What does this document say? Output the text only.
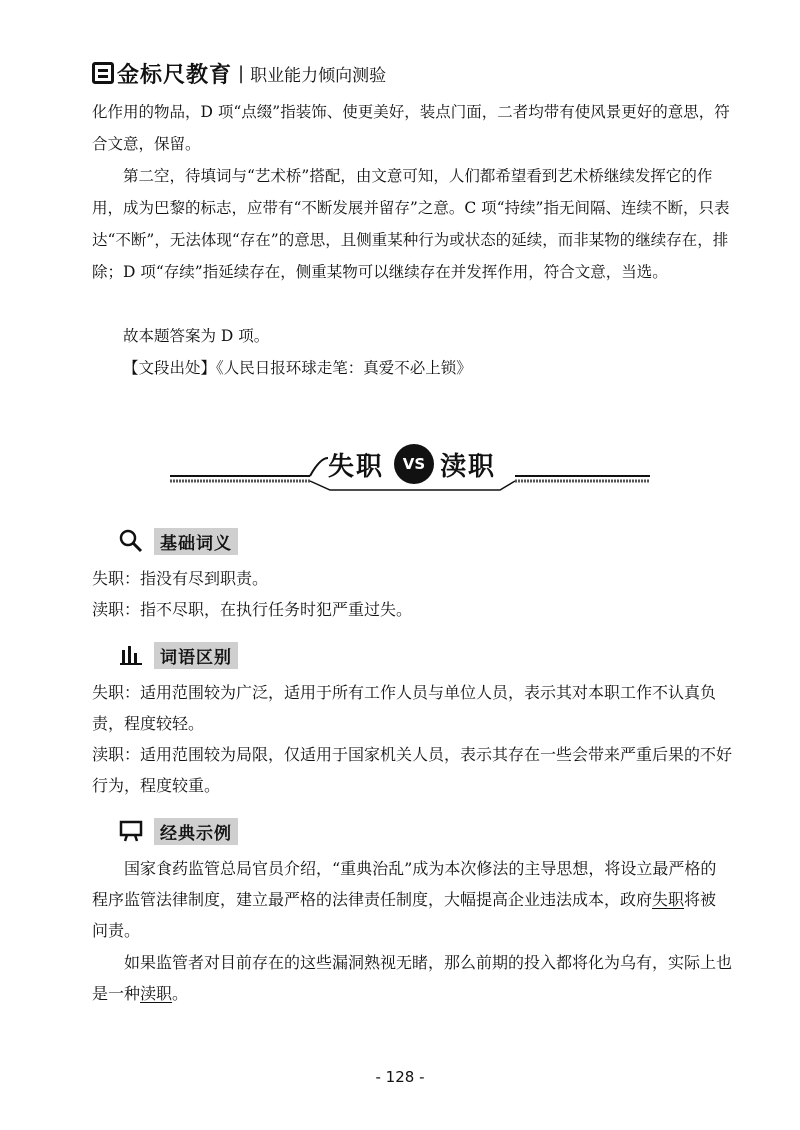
金标尺教育 | 职业能力倾向测验

化作用的物品，D 项“点缀”指装饰、使更美好，装点门面，二者均带有使风景更好的意思，符合文意，保留。

第二空，待填词与“艺术桥”搭配，由文意可知，人们都希望看到艺术桥继续发挥它的作用，成为巴黎的标志，应带有“不断发展并留存”之意。C 项“持续”指无间隔、连续不断，只表达“不断”，无法体现“存在”的意思，且侧重某种行为或状态的延续，而非某物的继续存在，排除；D 项“存续”指延续存在，侧重某物可以继续存在并发挥作用，符合文意，当选。

故本题答案为 D 项。

【文段出处】《人民日报环球走笔：真爱不必上锁》

失职	VS 渎职
基础词义

失职：指没有尽到职责。

渎职：指不尽职，在执行任务时犯严重过失。

词语区别

失职：适用范围较为广泛，适用于所有工作人员与单位人员，表示其对本职工作不认真负责，程度较轻。

渎职：适用范围较为局限，仅适用于国家机关人员，表示其存在一些会带来严重后果的不好行为，程度较重。

经典示例

国家食药监管总局官员介绍，“重典治乱”成为本次修法的主导思想，将设立最严格的程序监管法律制度，建立最严格的法律责任制度，大幅提高企业违法成本，政府失职将被问责。

如果监管者对目前存在的这些漏洞熟视无睹，那么前期的投入都将化为乌有，实际上也是一种渎职。

- 128 -
